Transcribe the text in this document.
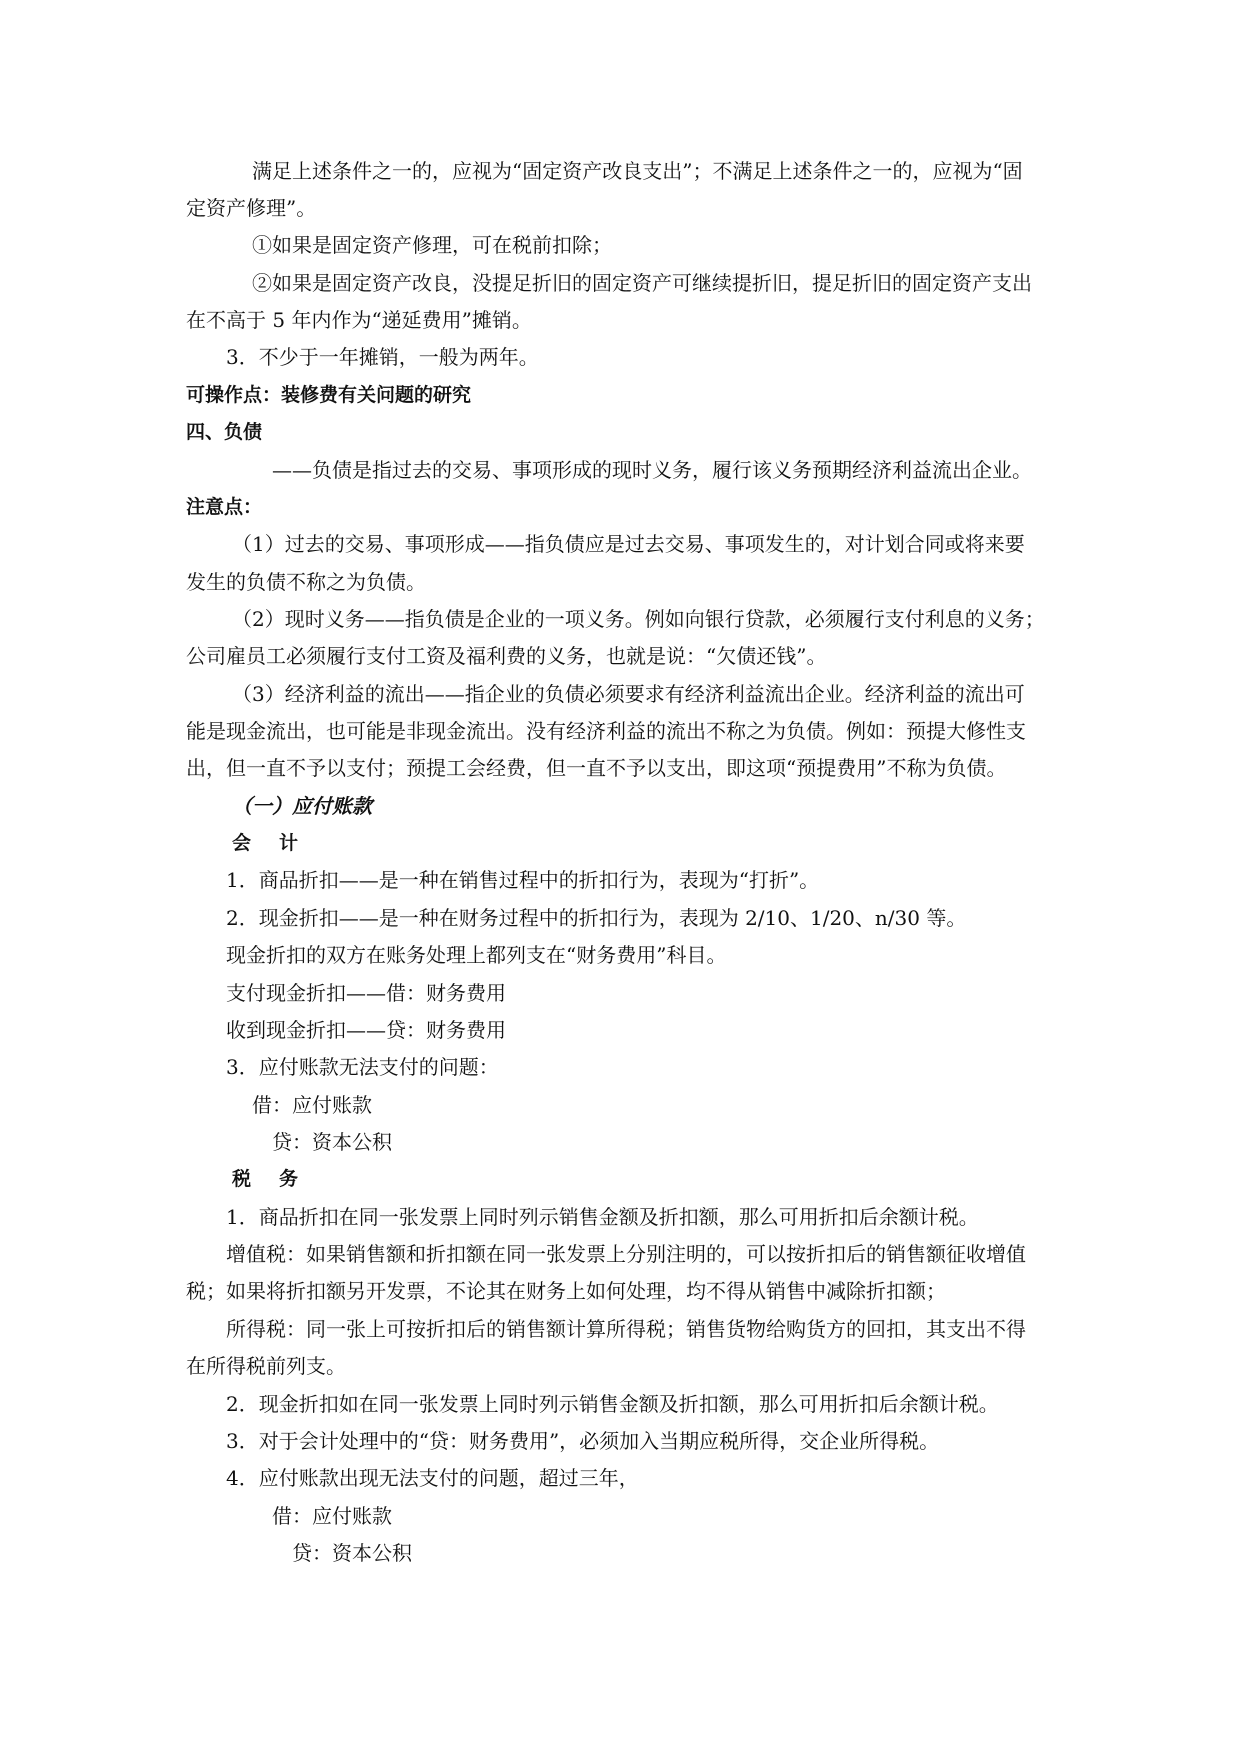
满足上述条件之一的，应视为“固定资产改良支出”；不满足上述条件之一的，应视为“固
定资产修理”。
①如果是固定资产修理，可在税前扣除；
②如果是固定资产改良，没提足折旧的固定资产可继续提折旧，提足折旧的固定资产支出
在不高于 5 年内作为“递延费用”摊销。
3．不少于一年摊销，一般为两年。
可操作点：装修费有关问题的研究
四、负债
——负债是指过去的交易、事项形成的现时义务，履行该义务预期经济利益流出企业。
注意点：
（1）过去的交易、事项形成——指负债应是过去交易、事项发生的，对计划合同或将来要
发生的负债不称之为负债。
（2）现时义务——指负债是企业的一项义务。例如向银行贷款，必须履行支付利息的义务；
公司雇员工必须履行支付工资及福利费的义务，也就是说：“欠债还钱”。
（3）经济利益的流出——指企业的负债必须要求有经济利益流出企业。经济利益的流出可
能是现金流出，也可能是非现金流出。没有经济利益的流出不称之为负债。例如：预提大修性支
出，但一直不予以支付；预提工会经费，但一直不予以支出，即这项“预提费用”不称为负债。
（一）应付账款
会计
1．商品折扣——是一种在销售过程中的折扣行为，表现为“打折”。
2．现金折扣——是一种在财务过程中的折扣行为，表现为 2/10、1/20、n/30 等。
现金折扣的双方在账务处理上都列支在“财务费用”科目。
支付现金折扣——借：财务费用
收到现金折扣——贷：财务费用
3．应付账款无法支付的问题：
借：应付账款
贷：资本公积
税务
1．商品折扣在同一张发票上同时列示销售金额及折扣额，那么可用折扣后余额计税。
增值税：如果销售额和折扣额在同一张发票上分别注明的，可以按折扣后的销售额征收增值
税；如果将折扣额另开发票，不论其在财务上如何处理，均不得从销售中减除折扣额；
所得税：同一张上可按折扣后的销售额计算所得税；销售货物给购货方的回扣，其支出不得
在所得税前列支。
2．现金折扣如在同一张发票上同时列示销售金额及折扣额，那么可用折扣后余额计税。
3．对于会计处理中的“贷：财务费用”，必须加入当期应税所得，交企业所得税。
4．应付账款出现无法支付的问题，超过三年，
借：应付账款
贷：资本公积
